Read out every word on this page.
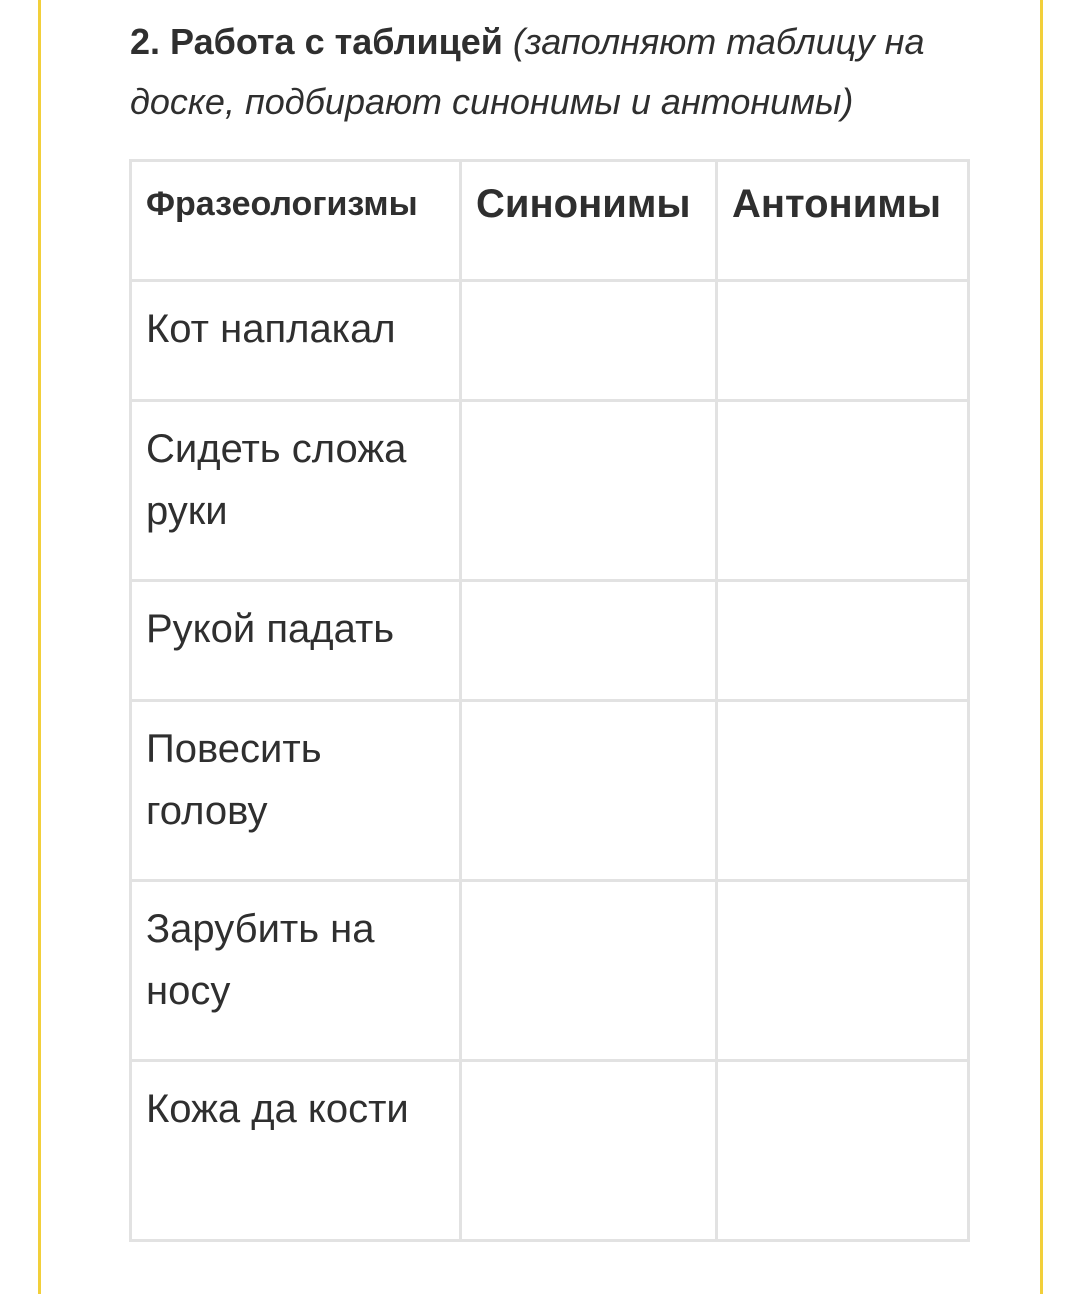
2. Работа с таблицей (заполняют таблицу на доске, подбирают синонимы и антонимы)
Фразеологизмы	Синонимы	Антонимы
Кот наплакал		
Сидеть сложа руки		
Рукой падать		
Повесить голову		
Зарубить на носу		
Кожа да кости		
